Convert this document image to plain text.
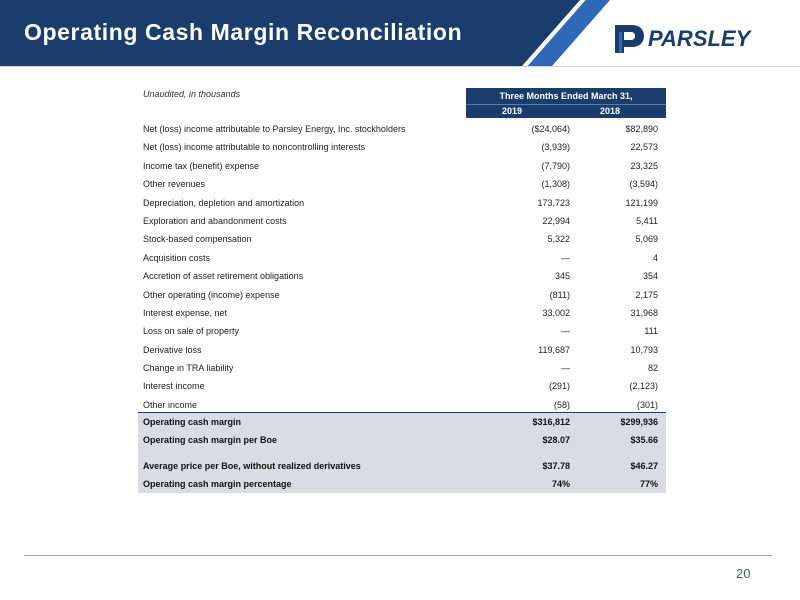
Operating Cash Margin Reconciliation	PARSLEY
Unaudited, in thousands	Three Months Ended March 31,
2019	2018
Net (loss) income attributable to Parsley Energy, Inc. stockholders	($24,064)	$82,890
Net (loss) income attributable to noncontrolling interests	(3,939)	22,573
Income tax (benefit) expense	(7,790)	23,325
Other revenues	(1,308)	(3,594)
Depreciation, depletion and amortization	173,723	121,199
Exploration and abandonment costs	22,994	5,411
Stock-based compensation	5,322	5,069
Acquisition costs	—	4
Accretion of asset retirement obligations	345	354
Other operating (income) expense	(811)	2,175
Interest expense, net	33,002	31,968
Loss on sale of property	—	111
Derivative loss	119,687	10,793
Change in TRA liability	—	82
Interest income	(291)	(2,123)
Other income	(58)	(301)
Operating cash margin	$316,812	$299,936
Operating cash margin per Boe	$28.07	$35.66
Average price per Boe, without realized derivatives	$37.78	$46.27
Operating cash margin percentage	74%	77%
20
